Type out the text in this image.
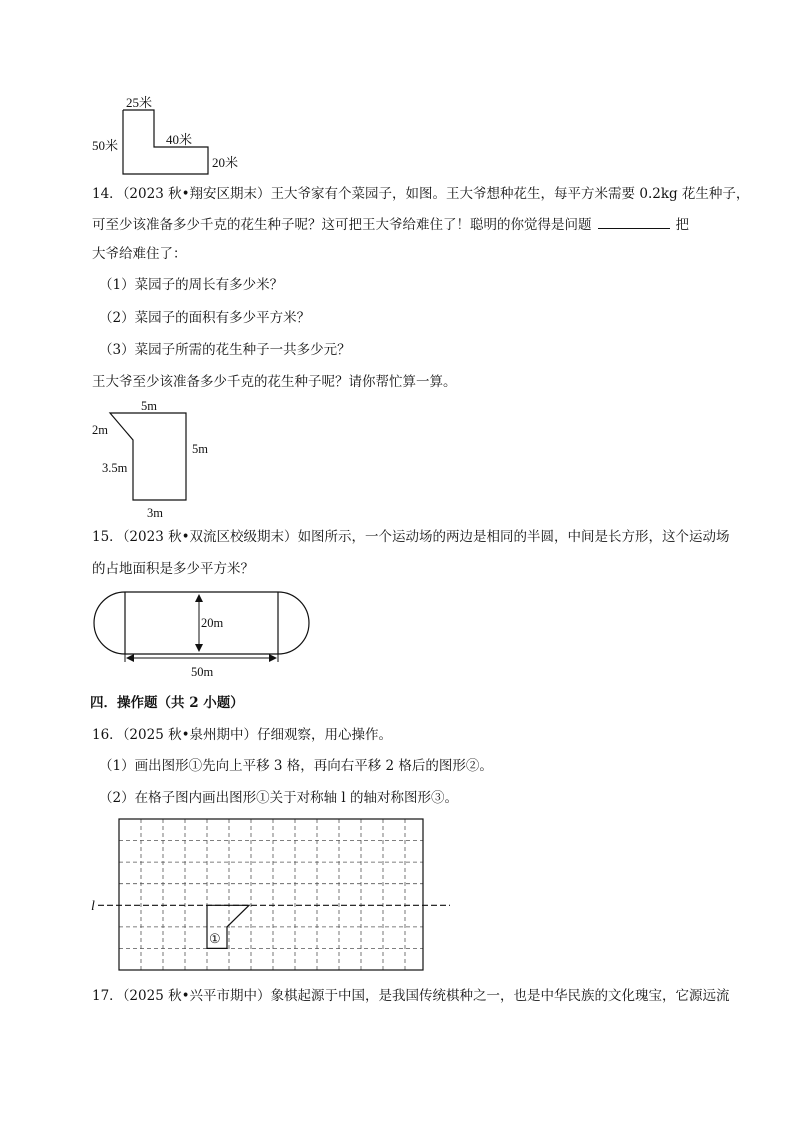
25米
50米	40米
20米
14．（2023 秋•翔安区期末）王大爷家有个菜园子，如图。王大爷想种花生，每平方米需要 0.2kg 花生种子，
可至少该准备多少千克的花生种子呢？这可把王大爷给难住了！聪明的你觉得是问题	把
大爷给难住了：
（1）菜园子的周长有多少米？
（2）菜园子的面积有多少平方米？
（3）菜园子所需的花生种子一共多少元？
王大爷至少该准备多少千克的花生种子呢？请你帮忙算一算。
5m
2m
5m
3.5m
3m
15．（2023 秋•双流区校级期末）如图所示，一个运动场的两边是相同的半圆，中间是长方形，这个运动场
的占地面积是多少平方米？
20m
50m
四．操作题（共 2 小题）
16．（2025 秋•泉州期中）仔细观察，用心操作。
（1）画出图形①先向上平移 3 格，再向右平移 2 格后的图形②。
（2）在格子图内画出图形①关于对称轴 l 的轴对称图形③。
l
①
17．（2025 秋•兴平市期中）象棋起源于中国，是我国传统棋种之一，也是中华民族的文化瑰宝，它源远流
